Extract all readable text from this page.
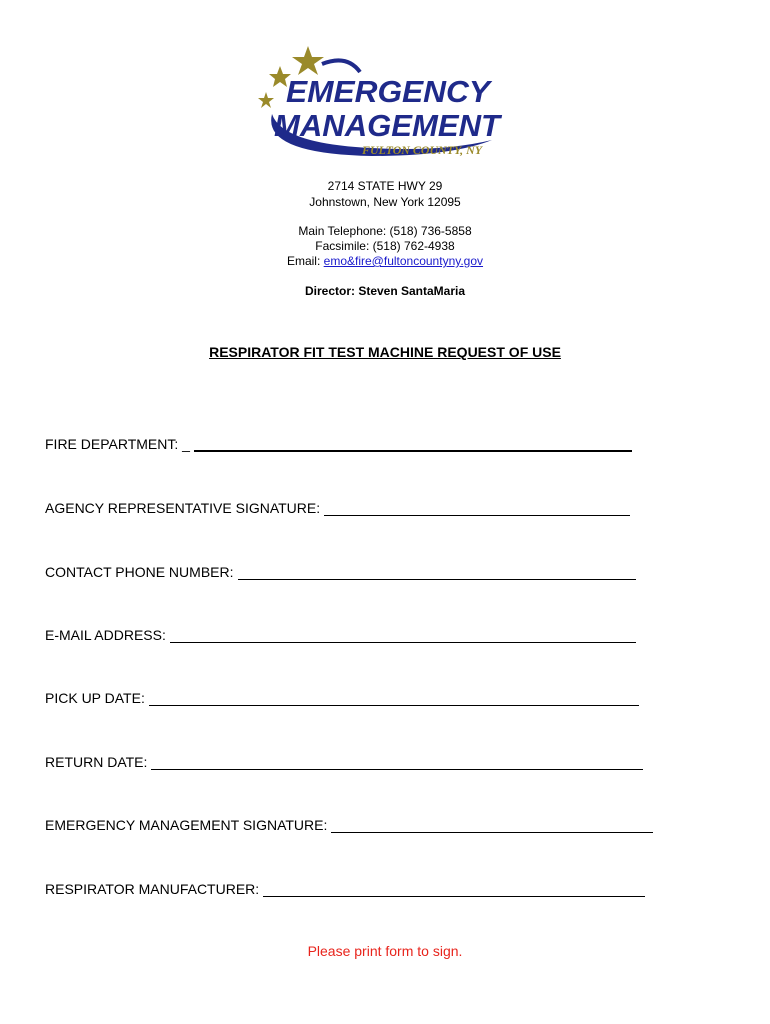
EMERGENCY
MANAGEMENT
FULTON COUNTY, NY
2714 STATE HWY 29
Johnstown, New York 12095
Main Telephone: (518) 736-5858
Facsimile: (518) 762-4938
Email: emo&fire@fultoncountyny.gov
Director: Steven SantaMaria
RESPIRATOR FIT TEST MACHINE REQUEST OF USE
FIRE DEPARTMENT: _
AGENCY REPRESENTATIVE SIGNATURE:
CONTACT PHONE NUMBER:
E-MAIL ADDRESS:
PICK UP DATE:
RETURN DATE:
EMERGENCY MANAGEMENT SIGNATURE:
RESPIRATOR MANUFACTURER:
Please print form to sign.
